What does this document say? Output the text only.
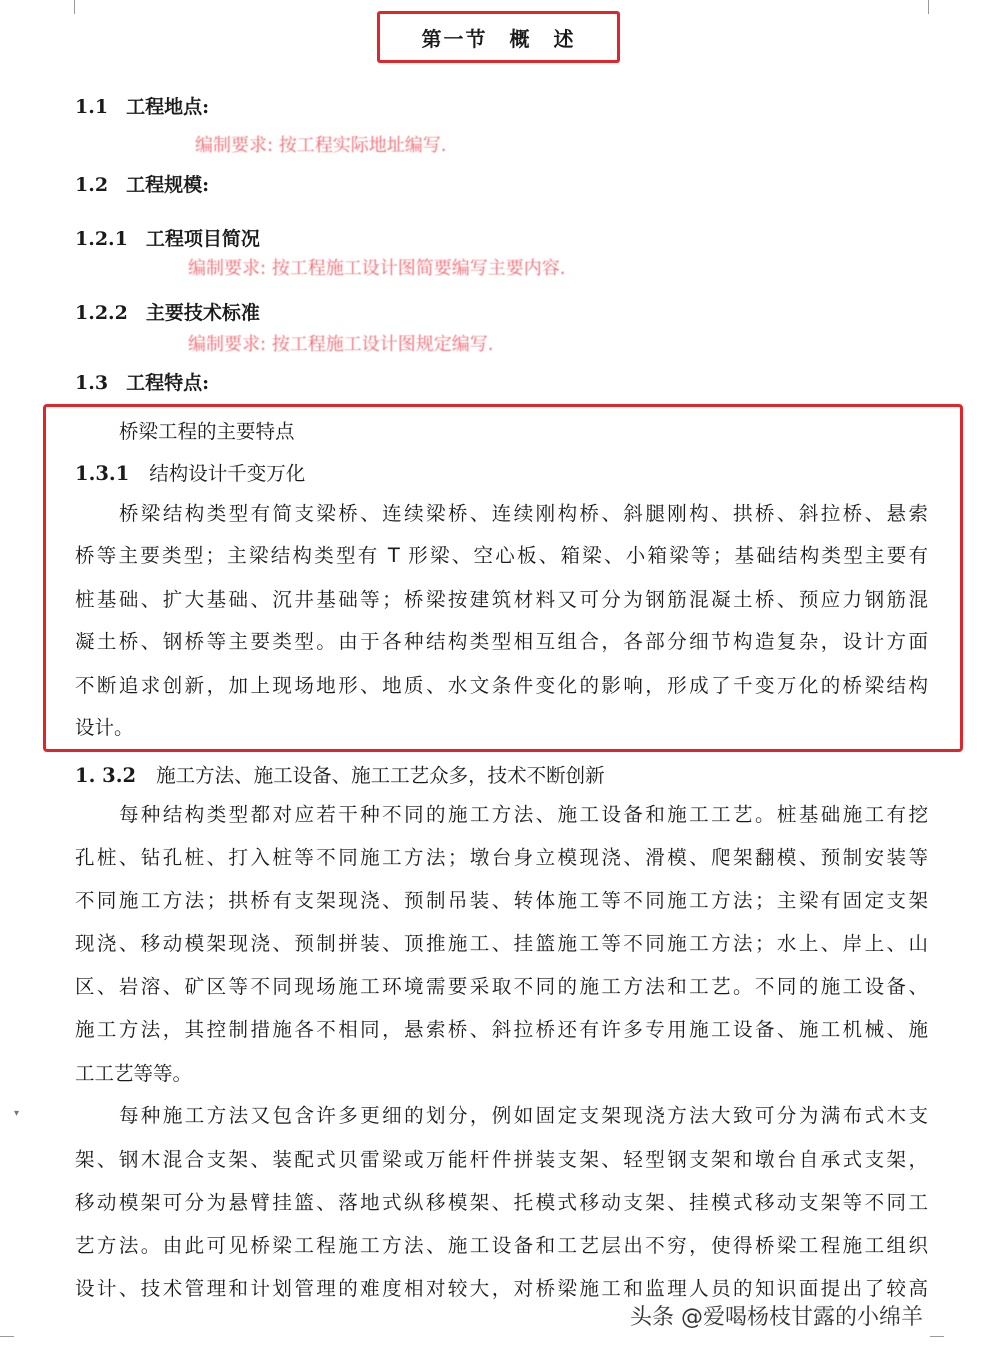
▾
第一节　概　述
1.1 工程地点:
编制要求: 按工程实际地址编写.
1.2 工程规模:
1.2.1 工程项目简况
编制要求: 按工程施工设计图简要编写主要内容.
1.2.2 主要技术标准
编制要求: 按工程施工设计图规定编写.
1.3 工程特点:
桥梁工程的主要特点
1.3.1 结构设计千变万化
桥梁结构类型有简支梁桥、连续梁桥、连续刚构桥、斜腿刚构、拱桥、斜拉桥、悬索
桥等主要类型；主梁结构类型有 T 形梁、空心板、箱梁、小箱梁等；基础结构类型主要有
桩基础、扩大基础、沉井基础等；桥梁按建筑材料又可分为钢筋混凝土桥、预应力钢筋混
凝土桥、钢桥等主要类型。由于各种结构类型相互组合，各部分细节构造复杂，设计方面
不断追求创新，加上现场地形、地质、水文条件变化的影响，形成了千变万化的桥梁结构
设计。
1. 3.2 施工方法、施工设备、施工工艺众多，技术不断创新
每种结构类型都对应若干种不同的施工方法、施工设备和施工工艺。桩基础施工有挖
孔桩、钻孔桩、打入桩等不同施工方法；墩台身立模现浇、滑模、爬架翻模、预制安装等
不同施工方法；拱桥有支架现浇、预制吊装、转体施工等不同施工方法；主梁有固定支架
现浇、移动模架现浇、预制拼装、顶推施工、挂篮施工等不同施工方法；水上、岸上、山
区、岩溶、矿区等不同现场施工环境需要采取不同的施工方法和工艺。不同的施工设备、
施工方法，其控制措施各不相同，悬索桥、斜拉桥还有许多专用施工设备、施工机械、施
工工艺等等。
每种施工方法又包含许多更细的划分，例如固定支架现浇方法大致可分为满布式木支
架、钢木混合支架、装配式贝雷梁或万能杆件拼装支架、轻型钢支架和墩台自承式支架，
移动模架可分为悬臂挂篮、落地式纵移模架、托模式移动支架、挂模式移动支架等不同工
艺方法。由此可见桥梁工程施工方法、施工设备和工艺层出不穷，使得桥梁工程施工组织
设计、技术管理和计划管理的难度相对较大，对桥梁施工和监理人员的知识面提出了较高
头条 @爱喝杨枝甘露的小绵羊
